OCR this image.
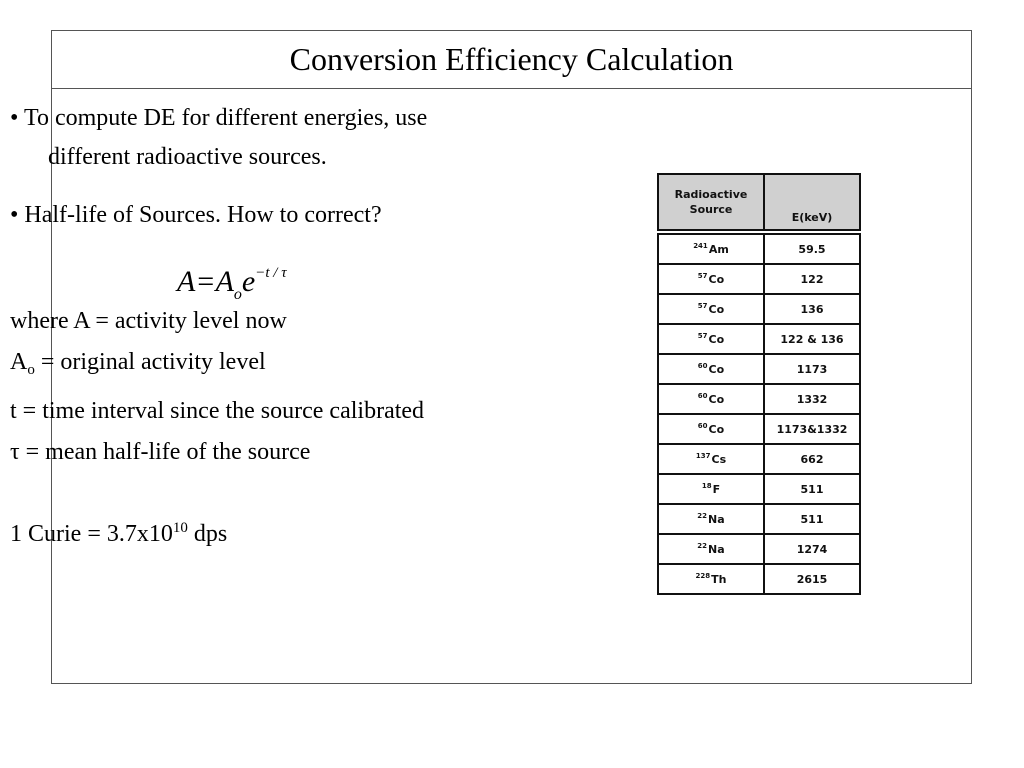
Conversion Efficiency Calculation
• To compute DE for different energies, use
different radioactive sources.
• Half-life of Sources. How to correct?
$A=A_oe^{-t / \tau}$
where A = activity level now
$A_o$ = original activity level
t = time interval since the source calibrated
τ = mean half-life of the source
1 Curie = $3.7x10^{10}$ dps
Radioactive
Source	E(keV)

$^{241}$Am	59.5
$^{57}$Co	122
$^{57}$Co	136
$^{57}$Co	122 & 136
$^{60}$Co	1173
$^{60}$Co	1332
$^{60}$Co	1173&1332
$^{137}$Cs	662
$^{18}$F	511
$^{22}$Na	511
$^{22}$Na	1274
$^{228}$Th	2615
